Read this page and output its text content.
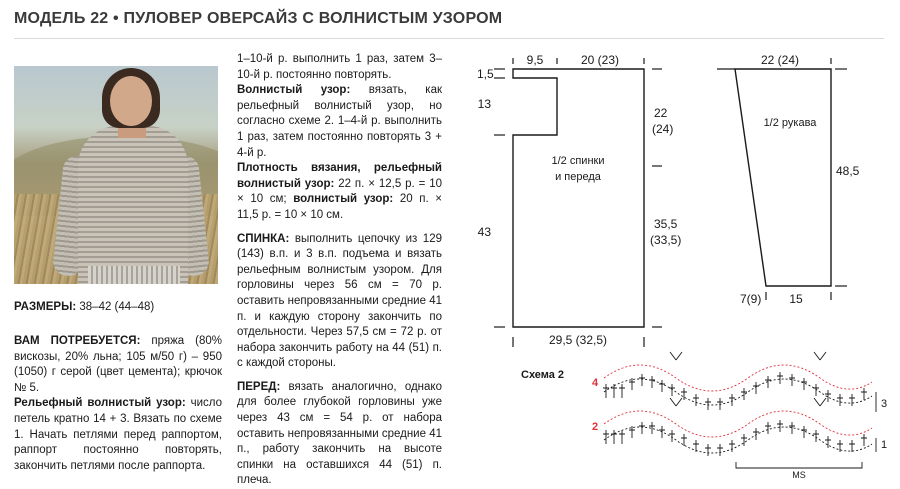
МОДЕЛЬ 22 • ПУЛОВЕР ОВЕРСАЙЗ С ВОЛНИСТЫМ УЗОРОМ

РАЗМЕРЫ: 38–42 (44–48)

ВАМ ПОТРЕБУЕТСЯ: пряжа (80% вискозы, 20% льна; 105 м/50 г) – 950 (1050) г серой (цвет цемента); крючок № 5.

Рельефный волнистый узор: число петель кратно 14 + 3. Вязать по схеме 1. Начать петлями перед раппортом, раппорт постоянно повторять, закончить петлями после раппорта.

1–10-й р. выполнить 1 раз, затем 3–10-й р. постоянно повторять.

Волнистый узор: вязать, как рельефный волнистый узор, но согласно схеме 2. 1–4-й р. выполнить 1 раз, затем постоянно повторять 3 + 4-й р.

Плотность вязания, рельефный волнистый узор: 22 п. × 12,5 р. = 10 × 10 см; волнистый узор: 20 п. × 11,5 р. = 10 × 10 см.

СПИНКА: выполнить цепочку из 129 (143) в.п. и 3 в.п. подъема и вязать рельефным волнистым узором. Для горловины через 56 см = 70 р. оставить непровязанными средние 41 п. и каждую сторону закончить по отдельности. Через 57,5 см = 72 р. от набора закончить работу на 44 (51) п. с каждой стороны.

ПЕРЕД: вязать аналогично, однако для более глубокой горловины уже через 43 см = 54 р. от набора оставить непровязанными средние 41 п., работу закончить на высоте спинки на оставшихся 44 (51) п. плеча.

9,5	20 (23)
1,5
13
43
22
(24)
35,5
(33,5)
29,5 (32,5)
1/2 спинки
и переда
22 (24)
48,5
7(9) 15
1/2 рукава
Схема 2
4
2
3
1
MS
